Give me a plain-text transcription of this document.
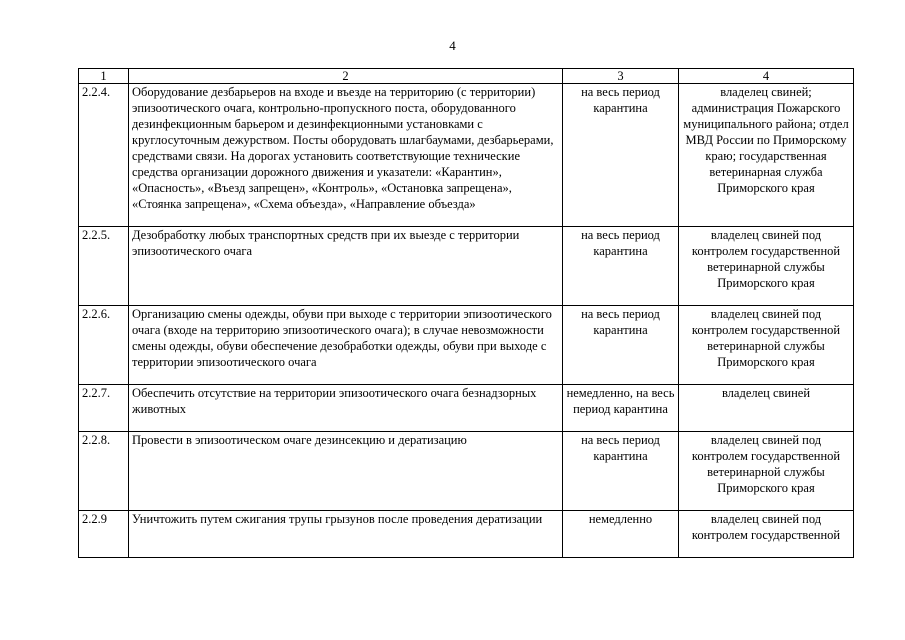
4
1	2	3	4
2.2.4.	Оборудование дезбарьеров на входе и въезде на территорию (с территории) эпизоотического очага, контрольно-пропускного поста, оборудованного дезинфекционным барьером и дезинфекционными установками с круглосуточным дежурством. Посты оборудовать шлагбаумами, дезбарьерами, средствами связи. На дорогах установить соответствующие технические средства организации дорожного движения и указатели: «Карантин», «Опасность», «Въезд запрещен», «Контроль», «Остановка запрещена», «Стоянка запрещена», «Схема объезда», «Направление объезда»	на весь период карантина	владелец свиней; администрация Пожарского муниципального района; отдел МВД России по Приморскому краю; государственная ветеринарная служба Приморского края
2.2.5.	Дезобработку любых транспортных средств при их выезде с территории эпизоотического очага	на весь период карантина	владелец свиней под контролем государственной ветеринарной службы Приморского края
2.2.6.	Организацию смены одежды, обуви при выходе с территории эпизоотического очага (входе на территорию эпизоотического очага); в случае невозможности смены одежды, обуви обеспечение дезобработки одежды, обуви при выходе с территории эпизоотического очага	на весь период карантина	владелец свиней под контролем государственной ветеринарной службы Приморского края
2.2.7.	Обеспечить отсутствие на территории эпизоотического очага безнадзорных животных	немедленно, на весь период карантина	владелец свиней
2.2.8.	Провести в эпизоотическом очаге дезинсекцию и дератизацию	на весь период карантина	владелец свиней под контролем государственной ветеринарной службы Приморского края
2.2.9	Уничтожить путем сжигания трупы грызунов после проведения дератизации	немедленно	владелец свиней под контролем государственной
